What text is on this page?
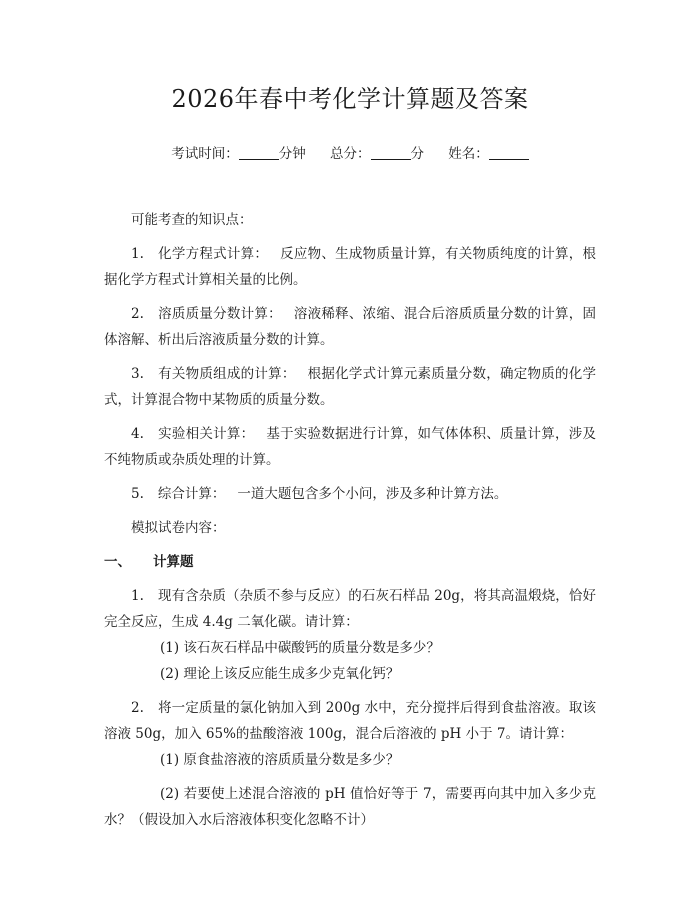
2026年春中考化学计算题及答案
考试时间：	分钟 总分：	分 姓名：

可能考查的知识点：

1. 化学方程式计算： 反应物、生成物质量计算，有关物质纯度的计算，根据化学方程式计算相关量的比例。

2. 溶质质量分数计算： 溶液稀释、浓缩、混合后溶质质量分数的计算，固体溶解、析出后溶液质量分数的计算。

3. 有关物质组成的计算： 根据化学式计算元素质量分数，确定物质的化学式，计算混合物中某物质的质量分数。

4. 实验相关计算： 基于实验数据进行计算，如气体体积、质量计算，涉及不纯物质或杂质处理的计算。

5. 综合计算： 一道大题包含多个小问，涉及多种计算方法。

模拟试卷内容：

一、 计算题

1. 现有含杂质（杂质不参与反应）的石灰石样品 20g，将其高温煅烧，恰好完全反应，生成 4.4g 二氧化碳。请计算：

(1) 该石灰石样品中碳酸钙的质量分数是多少？

(2) 理论上该反应能生成多少克氧化钙？

2. 将一定质量的氯化钠加入到 200g 水中，充分搅拌后得到食盐溶液。取该溶液 50g，加入 65%的盐酸溶液 100g，混合后溶液的 pH 小于 7。请计算：

(1) 原食盐溶液的溶质质量分数是多少？

(2) 若要使上述混合溶液的 pH 值恰好等于 7，需要再向其中加入多少克水？（假设加入水后溶液体积变化忽略不计）
